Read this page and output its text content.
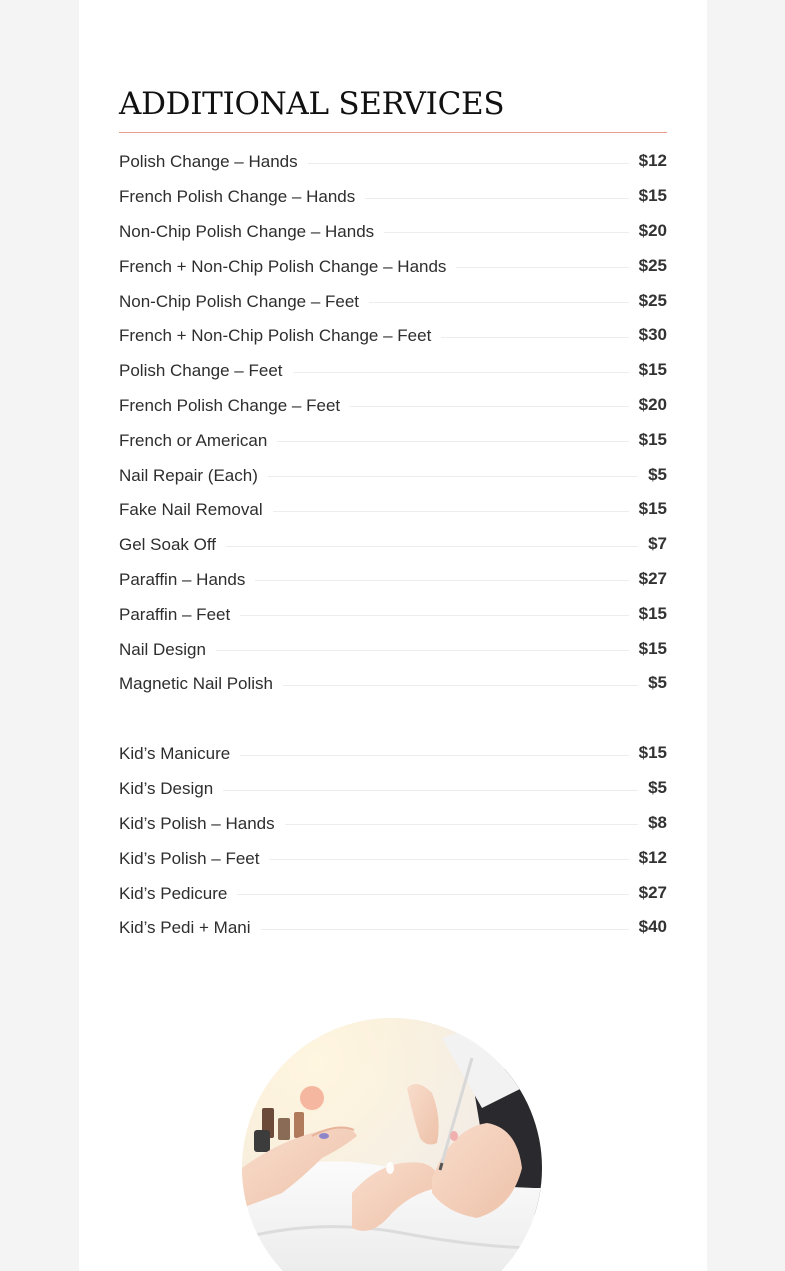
ADDITIONAL SERVICES
Polish Change – Hands	$12
French Polish Change – Hands	$15
Non-Chip Polish Change – Hands	$20
French + Non-Chip Polish Change – Hands	$25
Non-Chip Polish Change – Feet	$25
French + Non-Chip Polish Change – Feet	$30
Polish Change – Feet	$15
French Polish Change – Feet	$20
French or American	$15
Nail Repair (Each)	$5
Fake Nail Removal	$15
Gel Soak Off	$7
Paraffin – Hands	$27
Paraffin – Feet	$15
Nail Design	$15
Magnetic Nail Polish	$5
Kid’s Manicure	$15
Kid’s Design	$5
Kid’s Polish – Hands	$8
Kid’s Polish – Feet	$12
Kid’s Pedicure	$27
Kid’s Pedi + Mani	$40
